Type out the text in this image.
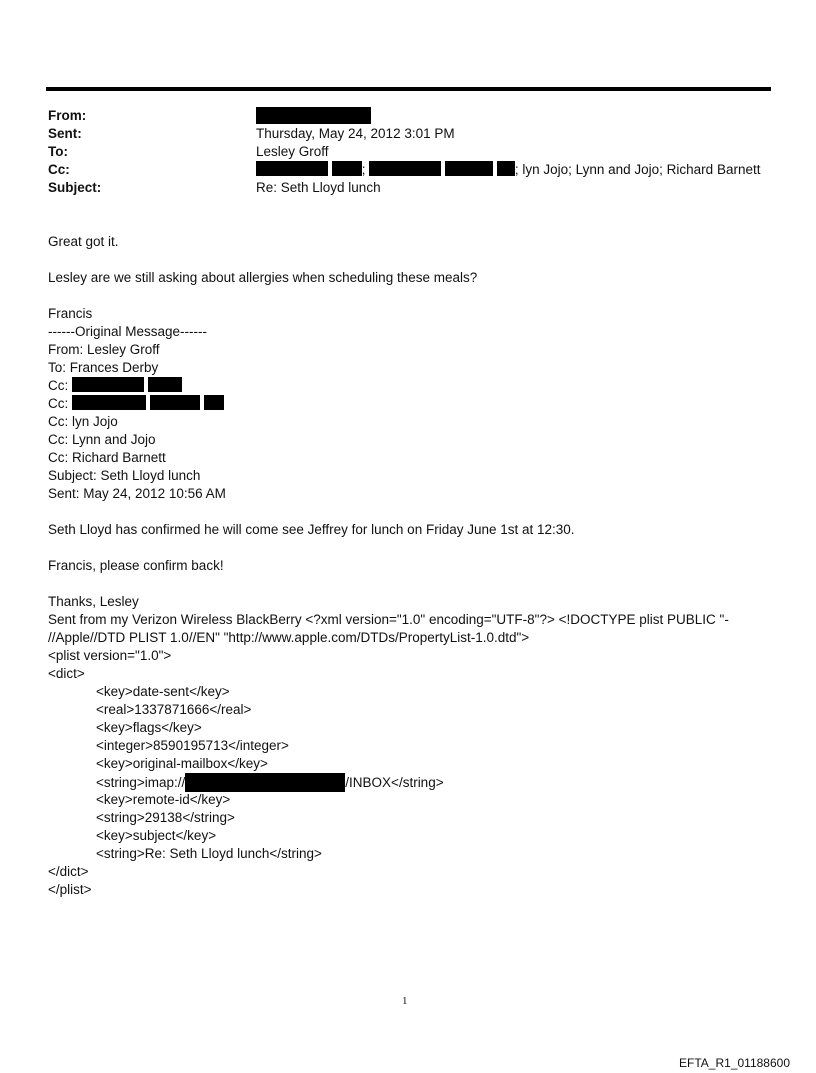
From:
Sent:	Thursday, May 24, 2012 3:01 PM
To:	Lesley Groff
Cc:	;	; lyn Jojo; Lynn and Jojo; Richard Barnett
Subject:	Re: Seth Lloyd lunch
Great got it.
Lesley are we still asking about allergies when scheduling these meals?
Francis
------Original Message------
From: Lesley Groff
To: Frances Derby
Cc:
Cc:
Cc: lyn Jojo
Cc: Lynn and Jojo
Cc: Richard Barnett
Subject: Seth Lloyd lunch
Sent: May 24, 2012 10:56 AM
Seth Lloyd has confirmed he will come see Jeffrey for lunch on Friday June 1st at 12:30.
Francis, please confirm back!
Thanks, Lesley
Sent from my Verizon Wireless BlackBerry <?xml version="1.0" encoding="UTF-8"?> <!DOCTYPE plist PUBLIC "-
//Apple//DTD PLIST 1.0//EN" "http://www.apple.com/DTDs/PropertyList-1.0.dtd">
<plist version="1.0">
<dict>
<key>date-sent</key>
<real>1337871666</real>
<key>flags</key>
<integer>8590195713</integer>
<key>original-mailbox</key>
<string>imap://	/INBOX</string>
<key>remote-id</key>
<string>29138</string>
<key>subject</key>
<string>Re: Seth Lloyd lunch</string>
</dict>
</plist>
1
EFTA_R1_01188600
